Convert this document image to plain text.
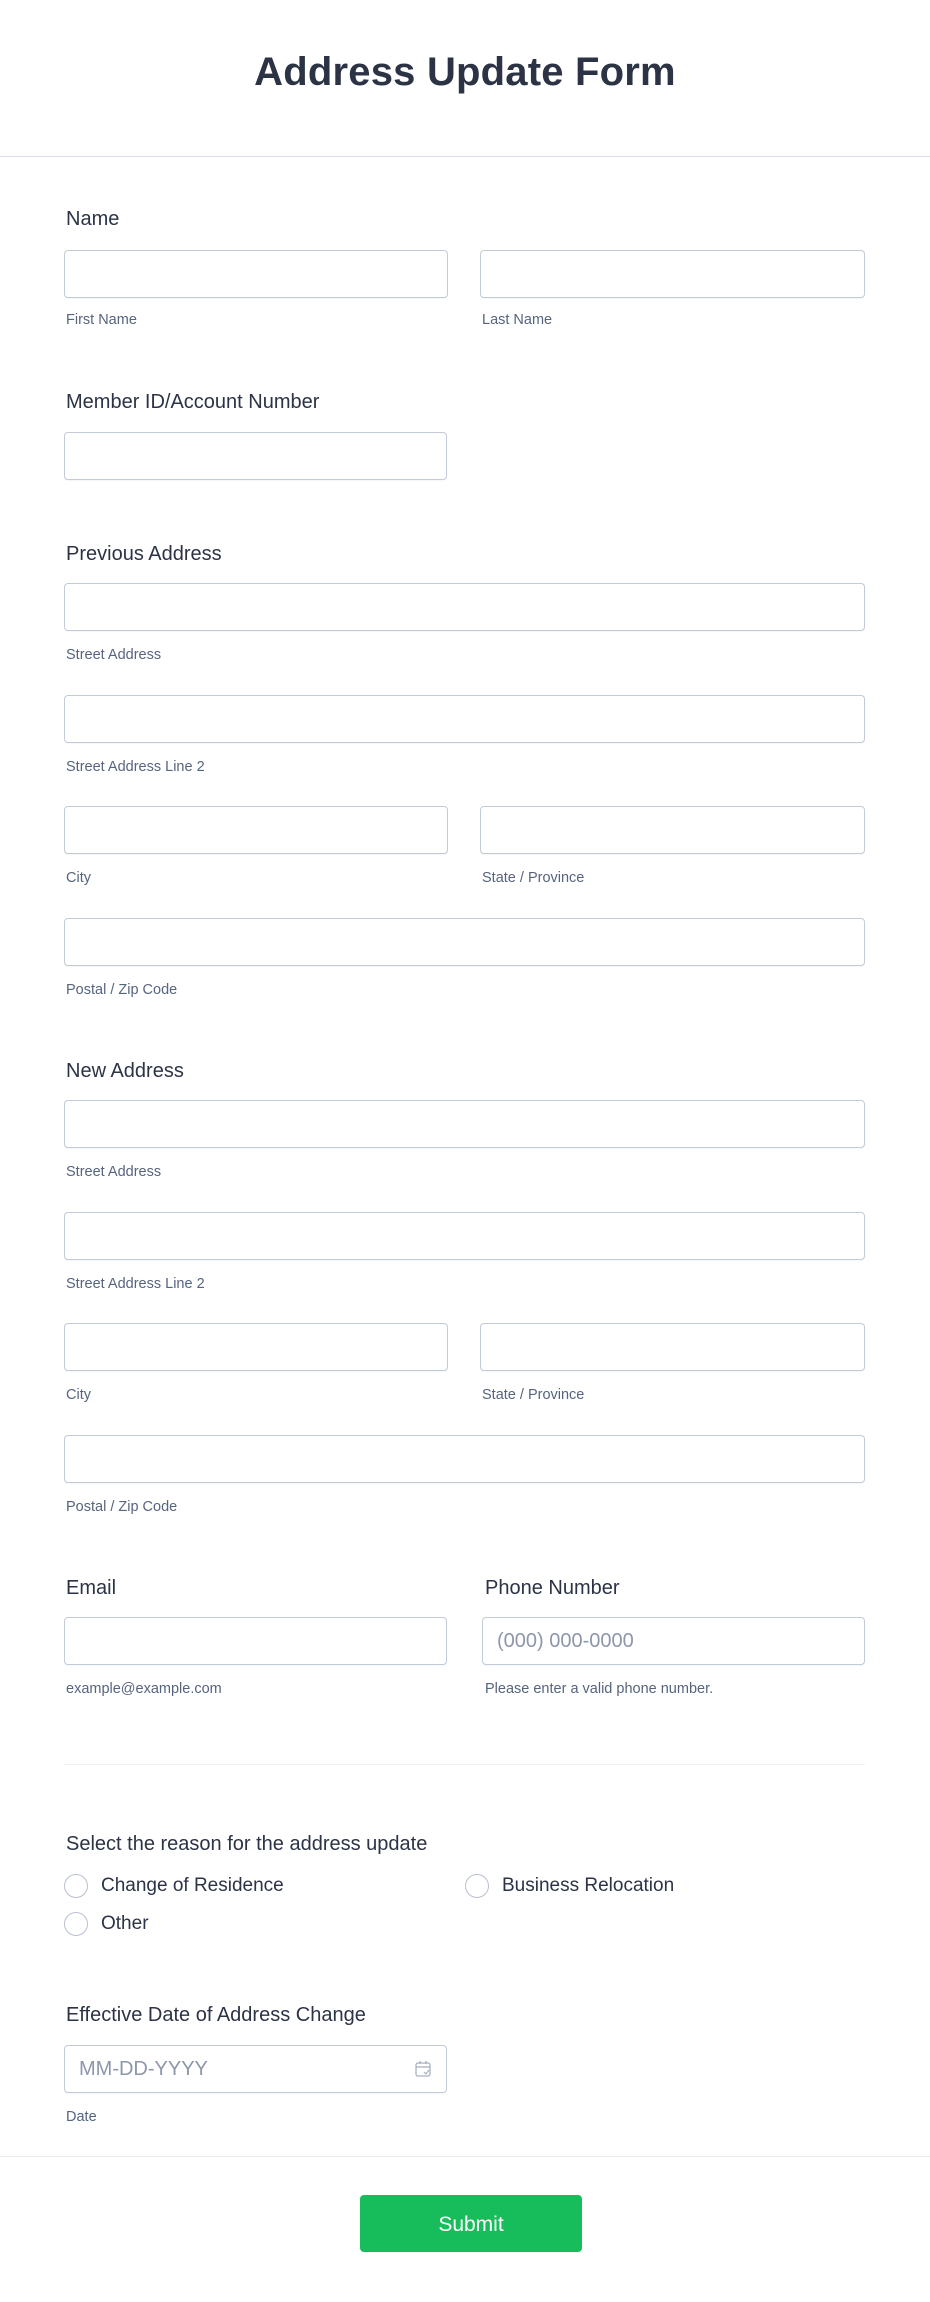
Address Update Form
Name
First Name	Last Name
Member ID/Account Number
Previous Address
Street Address
Street Address Line 2
City	State / Province
Postal / Zip Code
New Address
Street Address
Street Address Line 2
City	State / Province
Postal / Zip Code
Email
example@example.com
Phone Number
(000) 000-0000
Please enter a valid phone number.
Select the reason for the address update
Change of Residence	Business Relocation
Other
Effective Date of Address Change
MM-DD-YYYY
Date
Submit
